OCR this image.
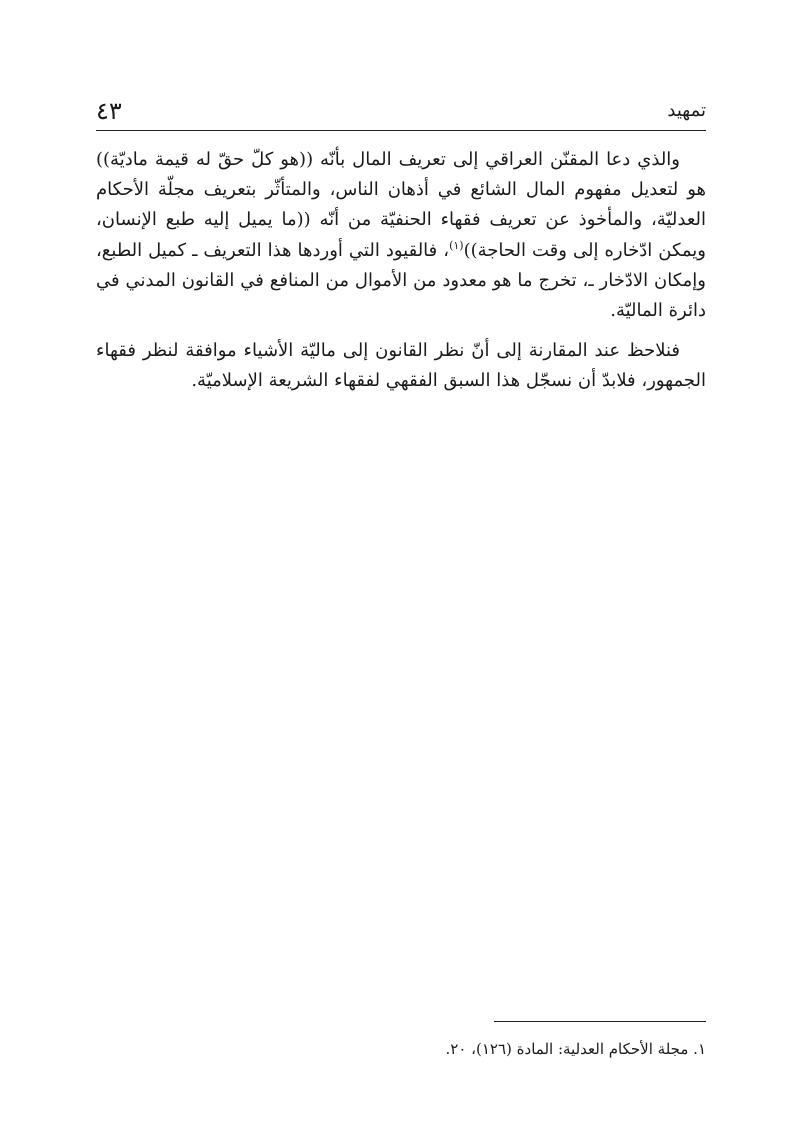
٤٣	تمهيد

والذي دعا المقنّن العراقي إلى تعريف المال بأنّه ((هو كلّ حقّ له قيمة ماديّة)) هو لتعديل مفهوم المال الشائع في أذهان الناس، والمتأثّر بتعريف مجلّة الأحكام العدليّة، والمأخوذ عن تعريف فقهاء الحنفيّة من أنّه ((ما يميل إليه طبع الإنسان، ويمكن ادّخاره إلى وقت الحاجة))$^{(١)}$، فالقيود التي أوردها هذا التعريف ـ كميل الطبع، وإمكان الادّخار ـ، تخرج ما هو معدود من الأموال من المنافع في القانون المدني في دائرة الماليّة.

فنلاحظ عند المقارنة إلى أنّ نظر القانون إلى ماليّة الأشياء موافقة لنظر فقهاء الجمهور، فلابدّ أن نسجّل هذا السبق الفقهي لفقهاء الشريعة الإسلاميّة.

١. مجلة الأحكام العدلية: المادة (١٢٦)، ٢٠.
